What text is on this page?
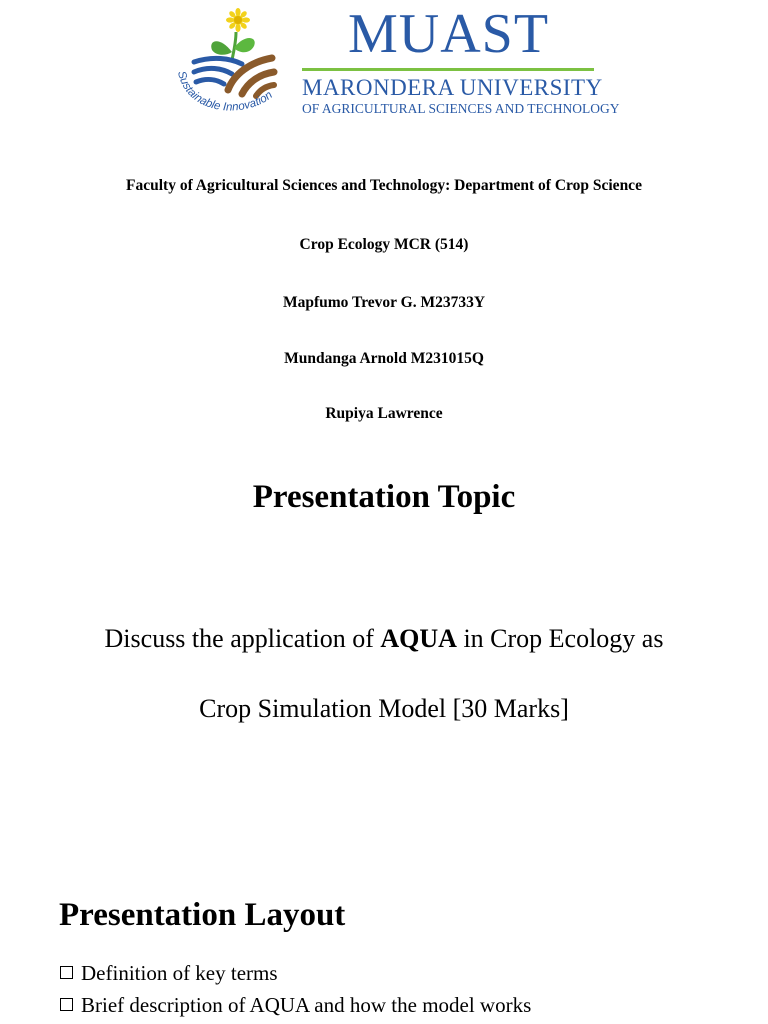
Sustainable Innovation
MUAST
MARONDERA UNIVERSITY
OF AGRICULTURAL SCIENCES AND TECHNOLOGY
Faculty of Agricultural Sciences and Technology: Department of Crop Science
Crop Ecology MCR (514)
Mapfumo Trevor G. M23733Y
Mundanga Arnold M231015Q
Rupiya Lawrence
Presentation Topic
Discuss the application of AQUA in Crop Ecology as
Crop Simulation Model [30 Marks]
Presentation Layout
Definition of key terms
Brief description of AQUA and how the model works
